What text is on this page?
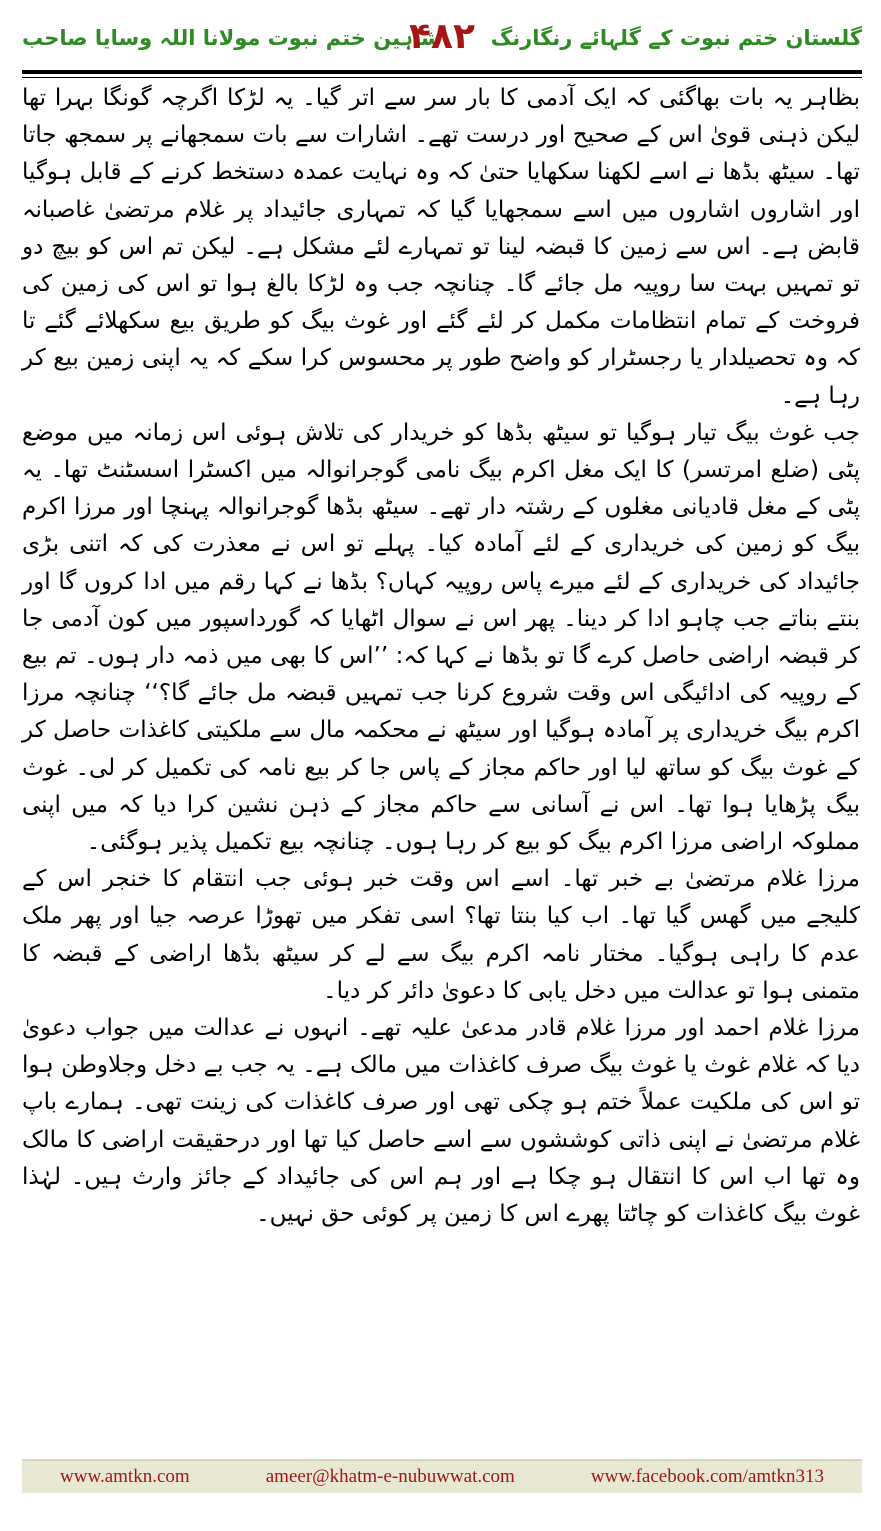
شاہین ختم نبوت مولانا اللہ وسایا صاحب
۴۸۲ گلستان ختم نبوت کے گلہائے رنگارنگ

بظاہر یہ بات بھاگئی کہ ایک آدمی کا بار سر سے اتر گیا۔ یہ لڑکا اگرچہ گونگا بہرا تھا لیکن ذہنی قویٰ اس کے صحیح اور درست تھے۔ اشارات سے بات سمجھانے پر سمجھ جاتا تھا۔ سیٹھ بڈھا نے اسے لکھنا سکھایا حتیٰ کہ وہ نہایت عمدہ دستخط کرنے کے قابل ہوگیا اور اشاروں اشاروں میں اسے سمجھایا گیا کہ تمہاری جائیداد پر غلام مرتضیٰ غاصبانہ قابض ہے۔ اس سے زمین کا قبضہ لینا تو تمہارے لئے مشکل ہے۔ لیکن تم اس کو بیچ دو تو تمہیں بہت سا روپیہ مل جائے گا۔ چنانچہ جب وہ لڑکا بالغ ہوا تو اس کی زمین کی فروخت کے تمام انتظامات مکمل کر لئے گئے اور غوث بیگ کو طریق بیع سکھلائے گئے تا کہ وہ تحصیلدار یا رجسٹرار کو واضح طور پر محسوس کرا سکے کہ یہ اپنی زمین بیع کر رہا ہے۔

جب غوث بیگ تیار ہوگیا تو سیٹھ بڈھا کو خریدار کی تلاش ہوئی اس زمانہ میں موضع پٹی (ضلع امرتسر) کا ایک مغل اکرم بیگ نامی گوجرانوالہ میں اکسٹرا اسسٹنٹ تھا۔ یہ پٹی کے مغل قادیانی مغلوں کے رشتہ دار تھے۔ سیٹھ بڈھا گوجرانوالہ پہنچا اور مرزا اکرم بیگ کو زمین کی خریداری کے لئے آمادہ کیا۔ پہلے تو اس نے معذرت کی کہ اتنی بڑی جائیداد کی خریداری کے لئے میرے پاس روپیہ کہاں؟ بڈھا نے کہا رقم میں ادا کروں گا اور بنتے بناتے جب چاہو ادا کر دینا۔ پھر اس نے سوال اٹھایا کہ گورداسپور میں کون آدمی جا کر قبضہ اراضی حاصل کرے گا تو بڈھا نے کہا کہ: ’’اس کا بھی میں ذمہ دار ہوں۔ تم بیع کے روپیہ کی ادائیگی اس وقت شروع کرنا جب تمہیں قبضہ مل جائے گا؟‘‘ چنانچہ مرزا اکرم بیگ خریداری پر آمادہ ہوگیا اور سیٹھ نے محکمہ مال سے ملکیتی کاغذات حاصل کر کے غوث بیگ کو ساتھ لیا اور حاکم مجاز کے پاس جا کر بیع نامہ کی تکمیل کر لی۔ غوث بیگ پڑھایا ہوا تھا۔ اس نے آسانی سے حاکم مجاز کے ذہن نشین کرا دیا کہ میں اپنی مملوکہ اراضی مرزا اکرم بیگ کو بیع کر رہا ہوں۔ چنانچہ بیع تکمیل پذیر ہوگئی۔

مرزا غلام مرتضیٰ بے خبر تھا۔ اسے اس وقت خبر ہوئی جب انتقام کا خنجر اس کے کلیجے میں گھس گیا تھا۔ اب کیا بنتا تھا؟ اسی تفکر میں تھوڑا عرصہ جیا اور پھر ملک عدم کا راہی ہوگیا۔ مختار نامہ اکرم بیگ سے لے کر سیٹھ بڈھا اراضی کے قبضہ کا متمنی ہوا تو عدالت میں دخل یابی کا دعویٰ دائر کر دیا۔

مرزا غلام احمد اور مرزا غلام قادر مدعیٰ علیہ تھے۔ انہوں نے عدالت میں جواب دعویٰ دیا کہ غلام غوث یا غوث بیگ صرف کاغذات میں مالک ہے۔ یہ جب بے دخل وجلاوطن ہوا تو اس کی ملکیت عملاً ختم ہو چکی تھی اور صرف کاغذات کی زینت تھی۔ ہمارے باپ غلام مرتضیٰ نے اپنی ذاتی کوششوں سے اسے حاصل کیا تھا اور درحقیقت اراضی کا مالک وہ تھا اب اس کا انتقال ہو چکا ہے اور ہم اس کی جائیداد کے جائز وارث ہیں۔ لہٰذا غوث بیگ کاغذات کو چاٹتا پھرے اس کا زمین پر کوئی حق نہیں۔

www.amtkn.com	ameer@khatm-e-nubuwwat.com	www.facebook.com/amtkn313
